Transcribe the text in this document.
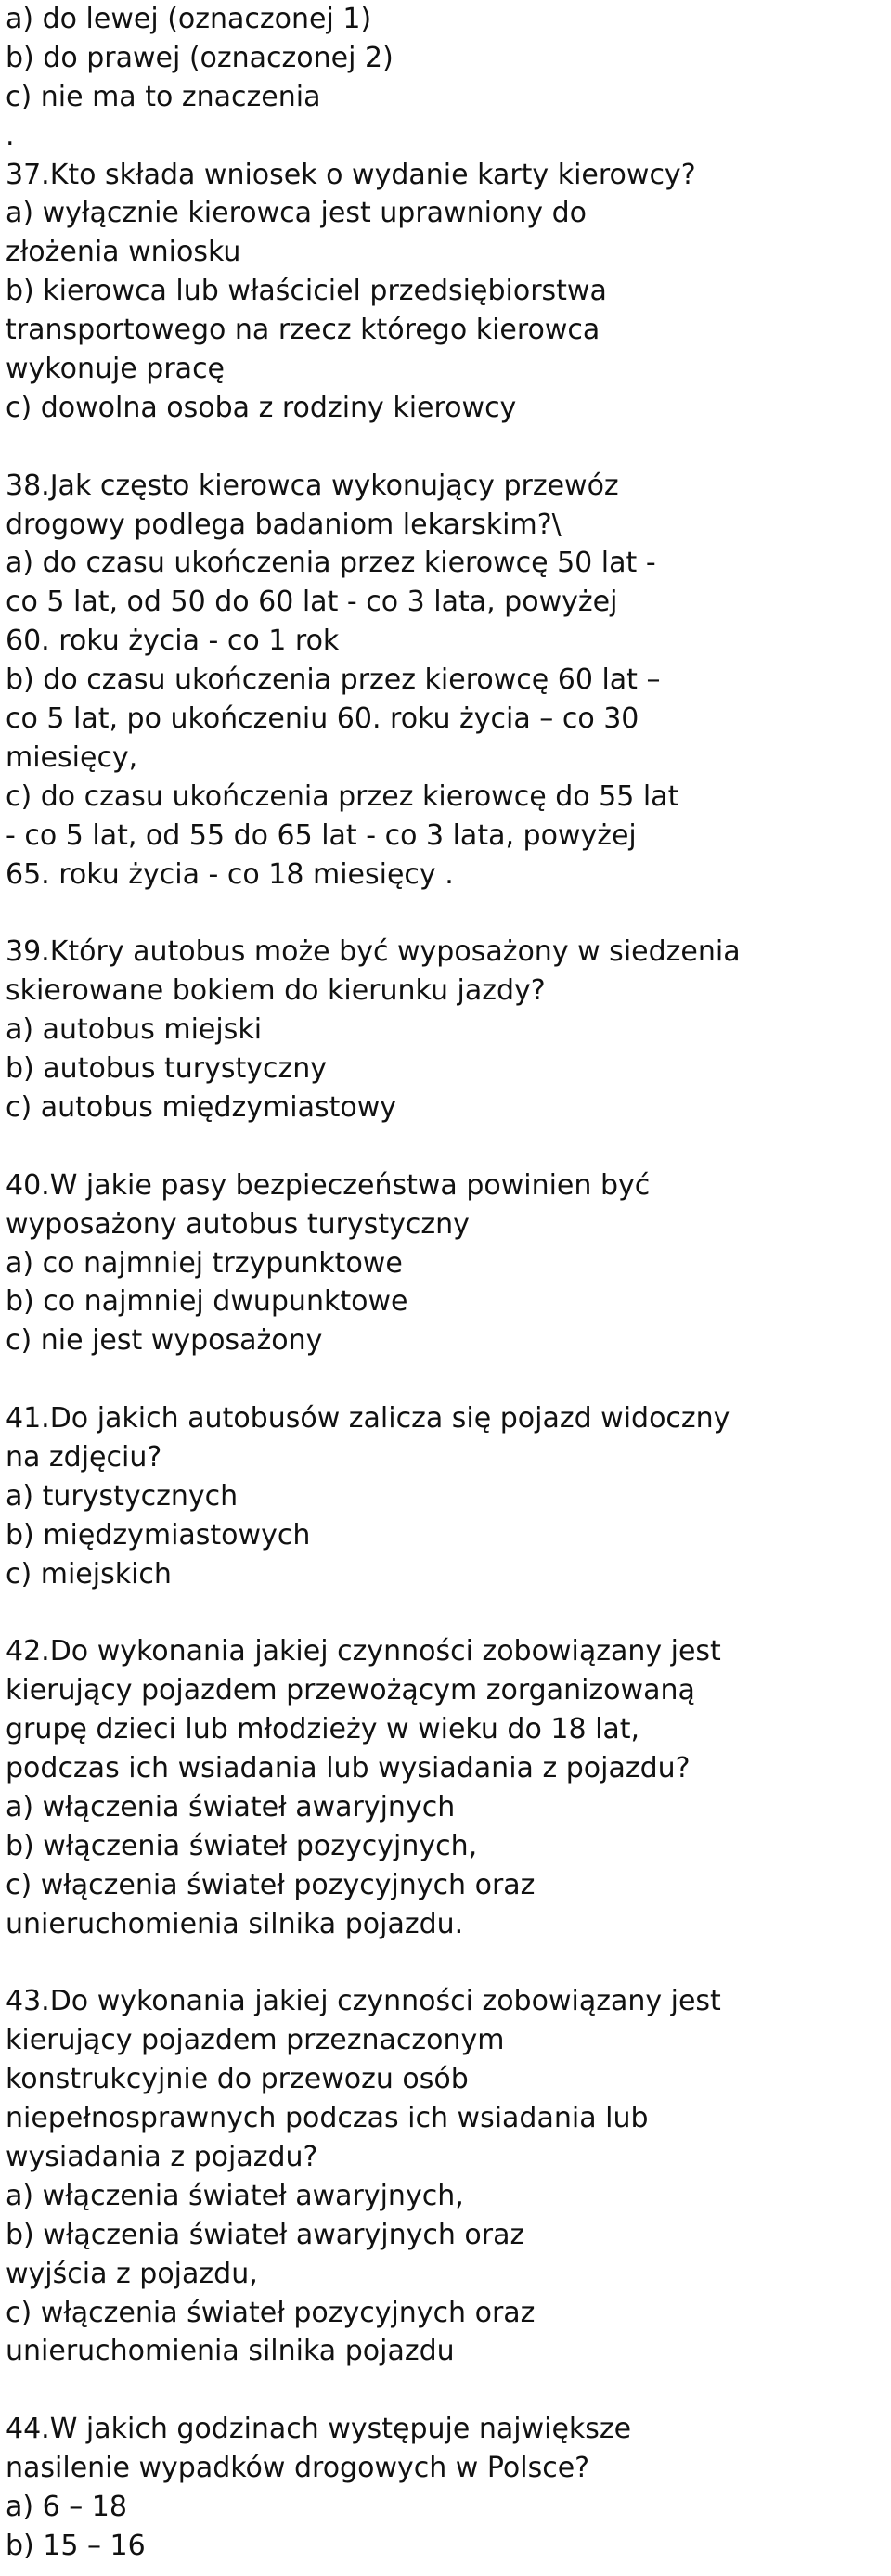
a) do lewej (oznaczonej 1)
b) do prawej (oznaczonej 2)
c) nie ma to znaczenia
.
37.Kto składa wniosek o wydanie karty kierowcy?
a) wyłącznie kierowca jest uprawniony do
złożenia wniosku
b) kierowca lub właściciel przedsiębiorstwa
transportowego na rzecz którego kierowca
wykonuje pracę
c) dowolna osoba z rodziny kierowcy
38.Jak często kierowca wykonujący przewóz
drogowy podlega badaniom lekarskim?\
a) do czasu ukończenia przez kierowcę 50 lat -
co 5 lat, od 50 do 60 lat - co 3 lata, powyżej
60. roku życia - co 1 rok
b) do czasu ukończenia przez kierowcę 60 lat –
co 5 lat, po ukończeniu 60. roku życia – co 30
miesięcy,
c) do czasu ukończenia przez kierowcę do 55 lat
- co 5 lat, od 55 do 65 lat - co 3 lata, powyżej
65. roku życia - co 18 miesięcy .
39.Który autobus może być wyposażony w siedzenia
skierowane bokiem do kierunku jazdy?
a) autobus miejski
b) autobus turystyczny
c) autobus międzymiastowy
40.W jakie pasy bezpieczeństwa powinien być
wyposażony autobus turystyczny
a) co najmniej trzypunktowe
b) co najmniej dwupunktowe
c) nie jest wyposażony
41.Do jakich autobusów zalicza się pojazd widoczny
na zdjęciu?
a) turystycznych
b) międzymiastowych
c) miejskich
42.Do wykonania jakiej czynności zobowiązany jest
kierujący pojazdem przewożącym zorganizowaną
grupę dzieci lub młodzieży w wieku do 18 lat,
podczas ich wsiadania lub wysiadania z pojazdu?
a) włączenia świateł awaryjnych
b) włączenia świateł pozycyjnych,
c) włączenia świateł pozycyjnych oraz
unieruchomienia silnika pojazdu.
43.Do wykonania jakiej czynności zobowiązany jest
kierujący pojazdem przeznaczonym
konstrukcyjnie do przewozu osób
niepełnosprawnych podczas ich wsiadania lub
wysiadania z pojazdu?
a) włączenia świateł awaryjnych,
b) włączenia świateł awaryjnych oraz
wyjścia z pojazdu,
c) włączenia świateł pozycyjnych oraz
unieruchomienia silnika pojazdu
44.W jakich godzinach występuje największe
nasilenie wypadków drogowych w Polsce?
a) 6 – 18
b) 15 – 16
